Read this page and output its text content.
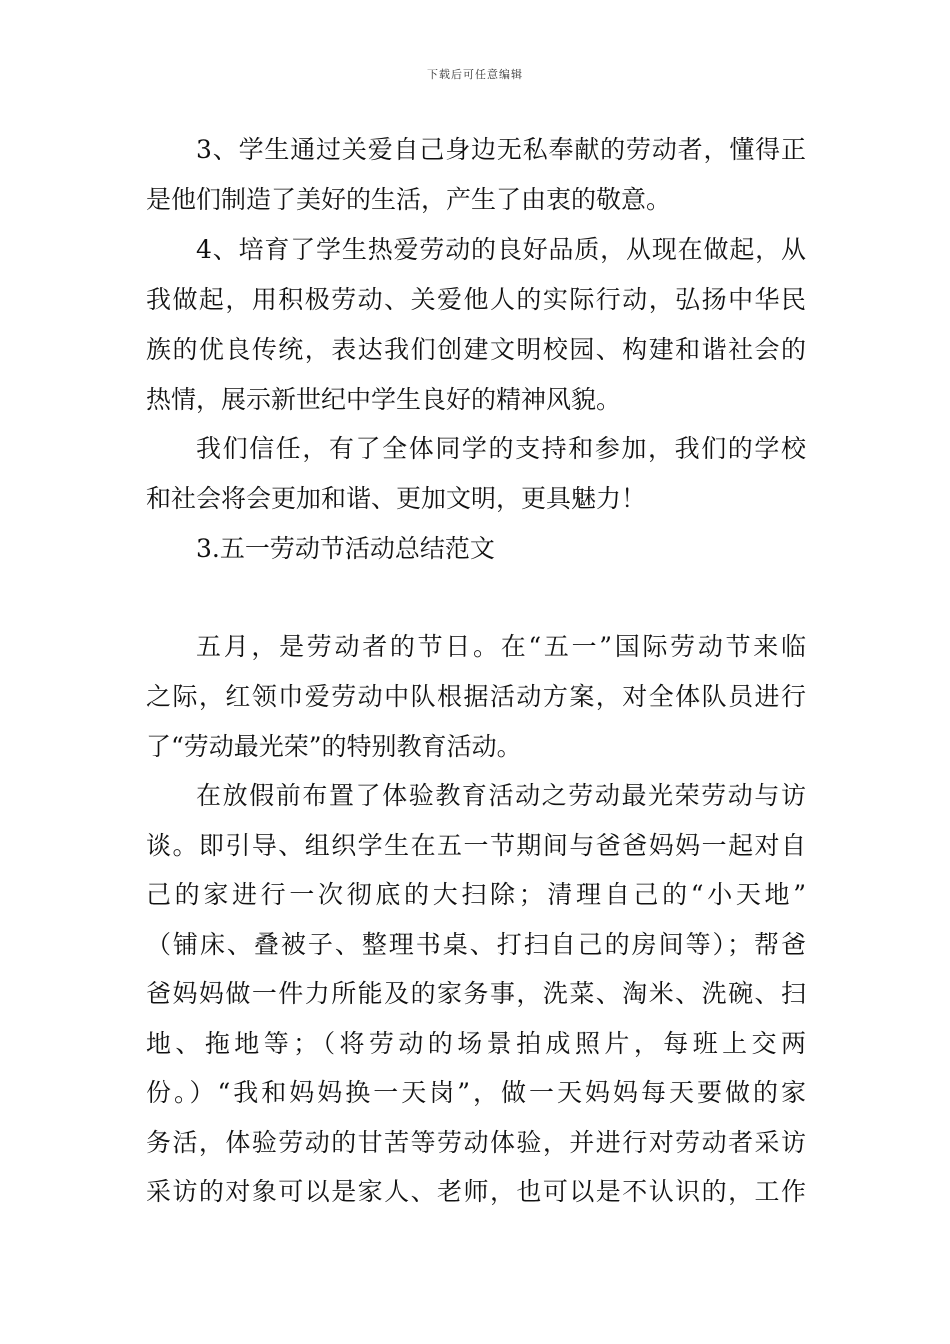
下载后可任意编辑
3、学生通过关爱自己身边无私奉献的劳动者，懂得正
是他们制造了美好的生活，产生了由衷的敬意。
4、培育了学生热爱劳动的良好品质，从现在做起，从
我做起，用积极劳动、关爱他人的实际行动，弘扬中华民
族的优良传统，表达我们创建文明校园、构建和谐社会的
热情，展示新世纪中学生良好的精神风貌。
我们信任，有了全体同学的支持和参加，我们的学校
和社会将会更加和谐、更加文明，更具魅力！
3.五一劳动节活动总结范文
五月，是劳动者的节日。在“五一”国际劳动节来临
之际，红领巾爱劳动中队根据活动方案，对全体队员进行
了“劳动最光荣”的特别教育活动。
在放假前布置了体验教育活动之劳动最光荣劳动与访
谈。即引导、组织学生在五一节期间与爸爸妈妈一起对自
己的家进行一次彻底的大扫除；清理自己的“小天地”
（铺床、叠被子、整理书桌、打扫自己的房间等）；帮爸
爸妈妈做一件力所能及的家务事，洗菜、淘米、洗碗、扫
地、拖地等；（将劳动的场景拍成照片，每班上交两
份。）“我和妈妈换一天岗”，做一天妈妈每天要做的家
务活，体验劳动的甘苦等劳动体验，并进行对劳动者采访
采访的对象可以是家人、老师，也可以是不认识的，工作
